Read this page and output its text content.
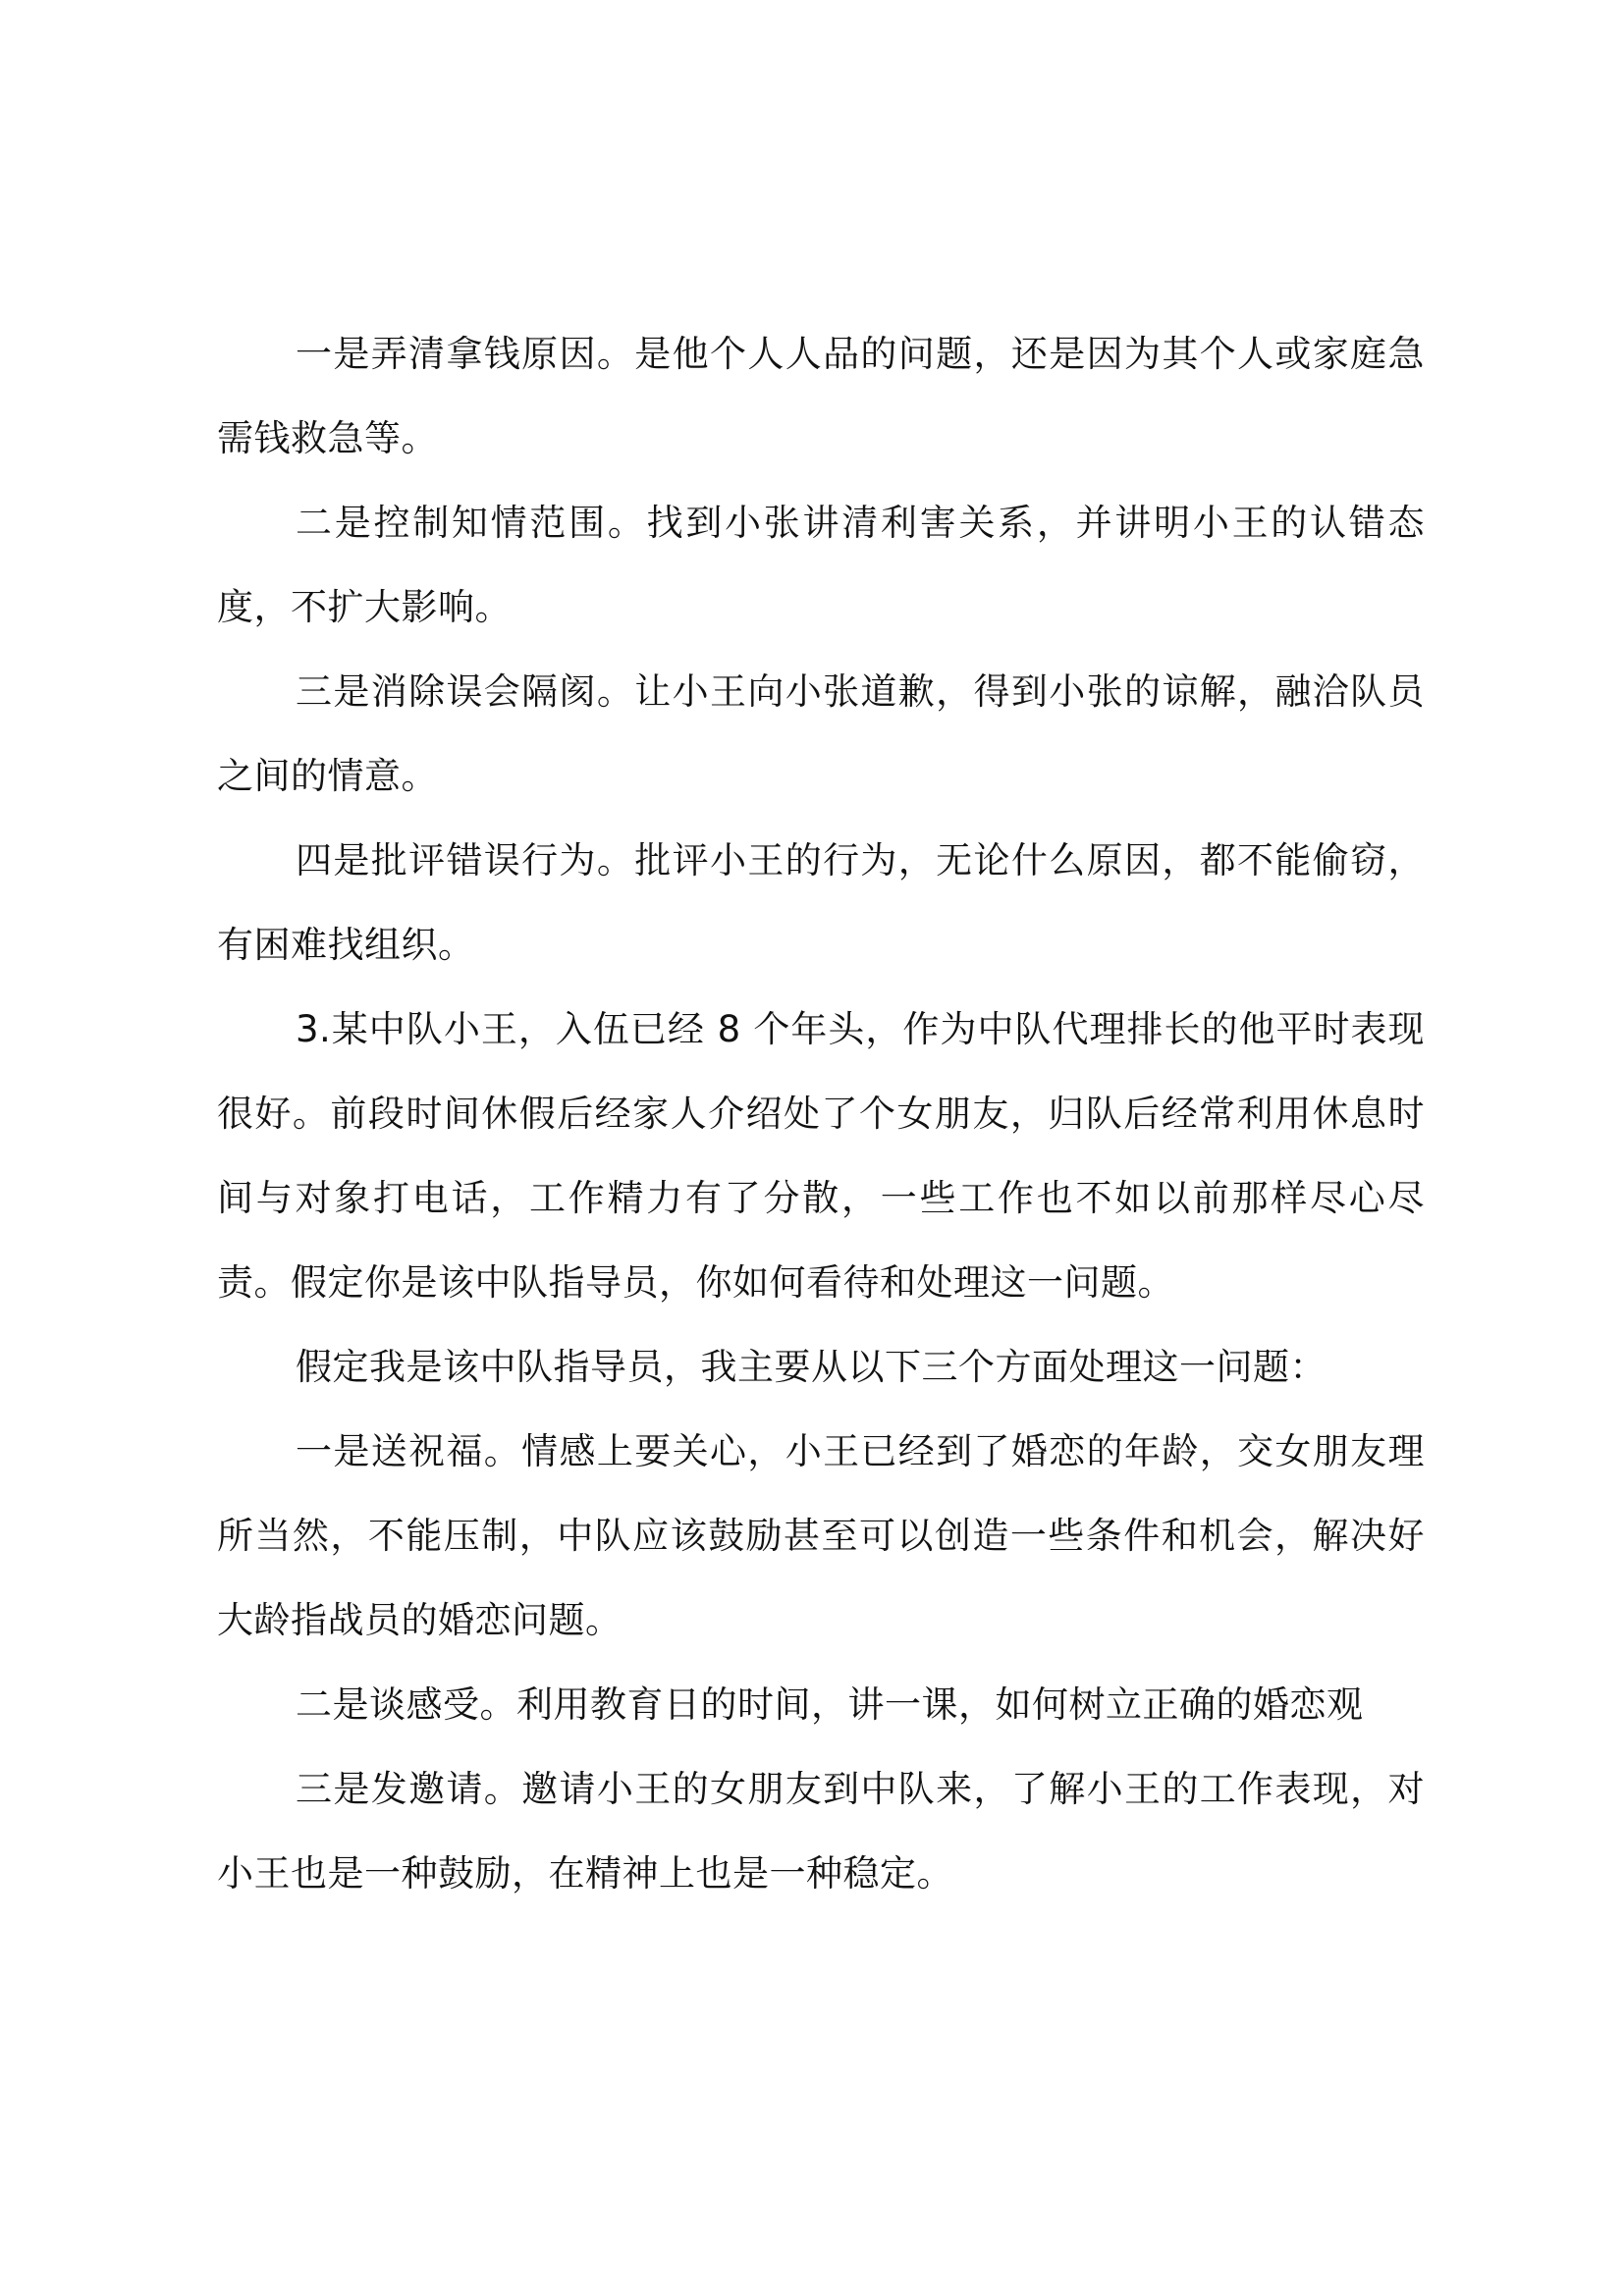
一是弄清拿钱原因。是他个人人品的问题，还是因为其个人或家庭急需钱救急等。

二是控制知情范围。找到小张讲清利害关系，并讲明小王的认错态度，不扩大影响。

三是消除误会隔阂。让小王向小张道歉，得到小张的谅解，融洽队员之间的情意。

四是批评错误行为。批评小王的行为，无论什么原因，都不能偷窃，有困难找组织。

3.某中队小王，入伍已经 8 个年头，作为中队代理排长的他平时表现很好。前段时间休假后经家人介绍处了个女朋友，归队后经常利用休息时间与对象打电话，工作精力有了分散，一些工作也不如以前那样尽心尽责。假定你是该中队指导员，你如何看待和处理这一问题。

假定我是该中队指导员，我主要从以下三个方面处理这一问题：

一是送祝福。情感上要关心，小王已经到了婚恋的年龄，交女朋友理所当然，不能压制，中队应该鼓励甚至可以创造一些条件和机会，解决好大龄指战员的婚恋问题。

二是谈感受。利用教育日的时间，讲一课，如何树立正确的婚恋观

三是发邀请。邀请小王的女朋友到中队来，了解小王的工作表现，对小王也是一种鼓励，在精神上也是一种稳定。
